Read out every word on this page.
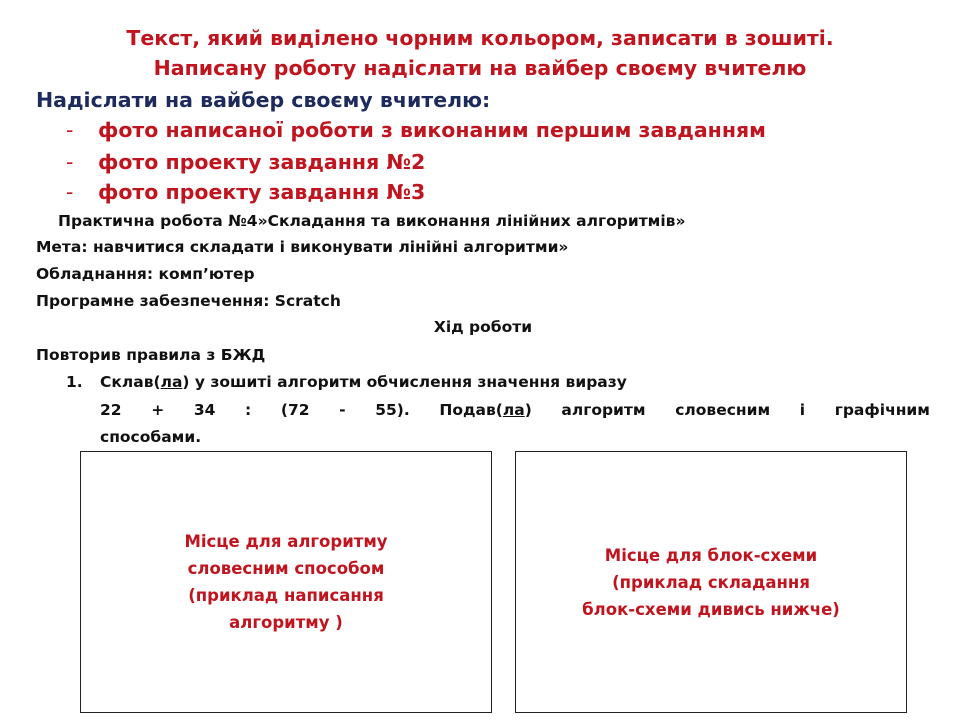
Текст, який виділено чорним кольором, записати в зошиті.
Написану роботу надіслати на вайбер своєму вчителю
Надіслати на вайбер своєму вчителю:
- фото написаної роботи з виконаним першим завданням
- фото проекту завдання №2
- фото проекту завдання №3
Практична робота №4»Складання та виконання лінійних алгоритмів»
Мета: навчитися складати і виконувати лінійні алгоритми»
Обладнання: комп’ютер
Програмне забезпечення: Scratch
Хід роботи
Повторив правила з БЖД
1. Склав(ла) у зошиті алгоритм обчислення значення виразу
22 + 34 : (72 - 55). Подав(ла) алгоритм словесним і графічним
способами.
Місце для алгоритму
словесним способом
(приклад написання
алгоритму )
Місце для блок-схеми
(приклад складання
блок-схеми дивись нижче)
